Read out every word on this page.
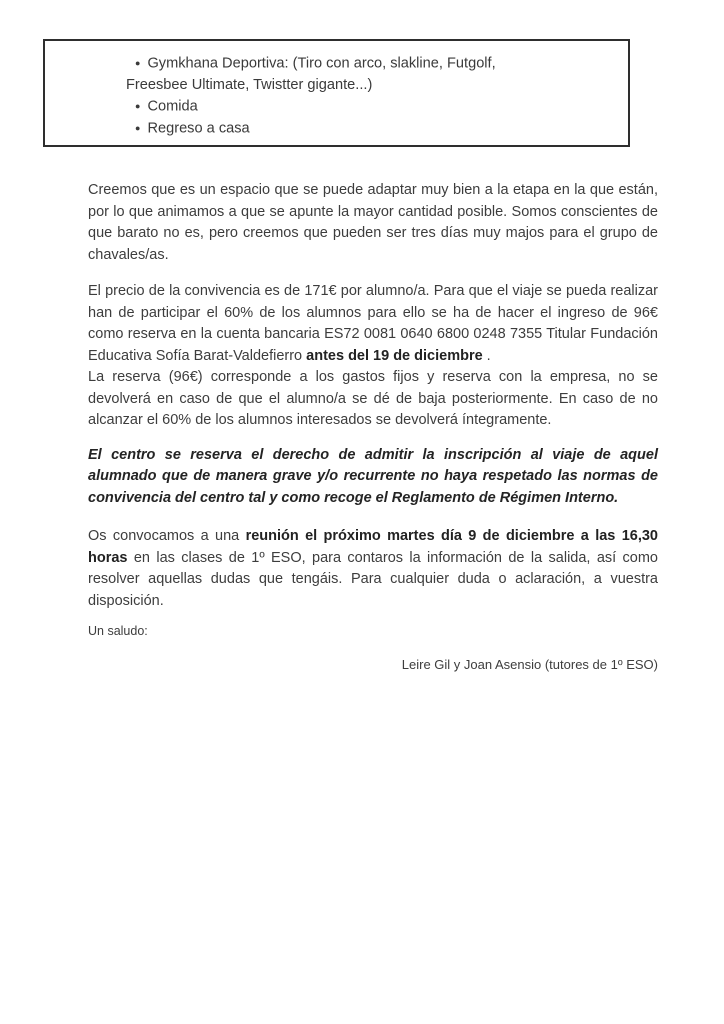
● Gymkhana Deportiva: (Tiro con arco, slakline, Futgolf,
Freesbee Ultimate, Twistter gigante...)
● Comida
● Regreso a casa

Creemos que es un espacio que se puede adaptar muy bien a la etapa en la que están, por lo que animamos a que se apunte la mayor cantidad posible. Somos conscientes de que barato no es, pero creemos que pueden ser tres días muy majos para el grupo de chavales/as.

El precio de la convivencia es de 171€ por alumno/a. Para que el viaje se pueda realizar han de participar el 60% de los alumnos para ello se ha de hacer el ingreso de 96€ como reserva en la cuenta bancaria ES72 0081 0640 6800 0248 7355 Titular Fundación Educativa Sofía Barat-Valdefierro antes del 19 de diciembre .

La reserva (96€) corresponde a los gastos fijos y reserva con la empresa, no se devolverá en caso de que el alumno/a se dé de baja posteriormente. En caso de no alcanzar el 60% de los alumnos interesados se devolverá íntegramente.

El centro se reserva el derecho de admitir la inscripción al viaje de aquel alumnado que de manera grave y/o recurrente no haya respetado las normas de convivencia del centro tal y como recoge el Reglamento de Régimen Interno.

Os convocamos a una reunión el próximo martes día 9 de diciembre a las 16,30 horas en las clases de 1º ESO, para contaros la información de la salida, así como resolver aquellas dudas que tengáis. Para cualquier duda o aclaración, a vuestra disposición.

Un saludo:

Leire Gil y Joan Asensio (tutores de 1º ESO)
